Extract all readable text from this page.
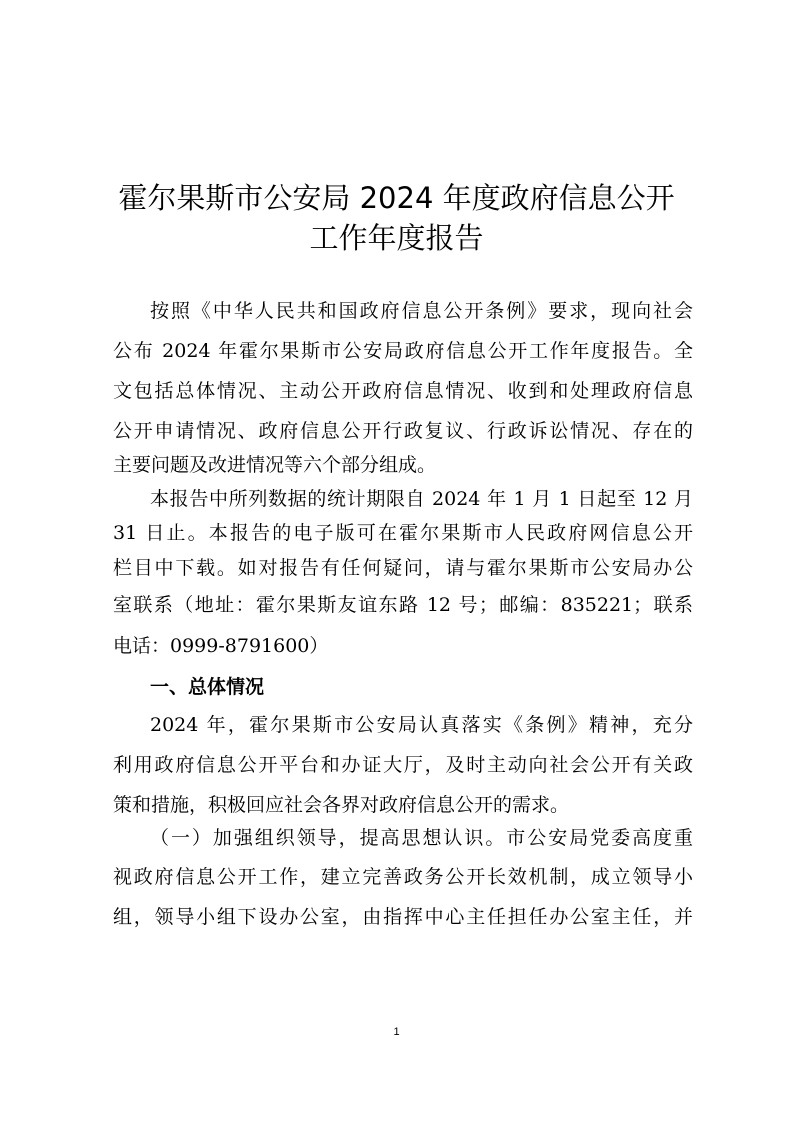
霍尔果斯市公安局 2024 年度政府信息公开
工作年度报告
按照《中华人民共和国政府信息公开条例》要求，现向社会
公布 2024 年霍尔果斯市公安局政府信息公开工作年度报告。全
文包括总体情况、主动公开政府信息情况、收到和处理政府信息
公开申请情况、政府信息公开行政复议、行政诉讼情况、存在的
主要问题及改进情况等六个部分组成。
本报告中所列数据的统计期限自 2024 年 1 月 1 日起至 12 月
31 日止。本报告的电子版可在霍尔果斯市人民政府网信息公开
栏目中下载。如对报告有任何疑问，请与霍尔果斯市公安局办公
室联系（地址：霍尔果斯友谊东路 12 号；邮编：835221；联系
电话：0999-8791600）
一、总体情况
2024 年，霍尔果斯市公安局认真落实《条例》精神，充分
利用政府信息公开平台和办证大厅，及时主动向社会公开有关政
策和措施，积极回应社会各界对政府信息公开的需求。
（一）加强组织领导，提高思想认识。市公安局党委高度重
视政府信息公开工作，建立完善政务公开长效机制，成立领导小
组，领导小组下设办公室，由指挥中心主任担任办公室主任，并
1
